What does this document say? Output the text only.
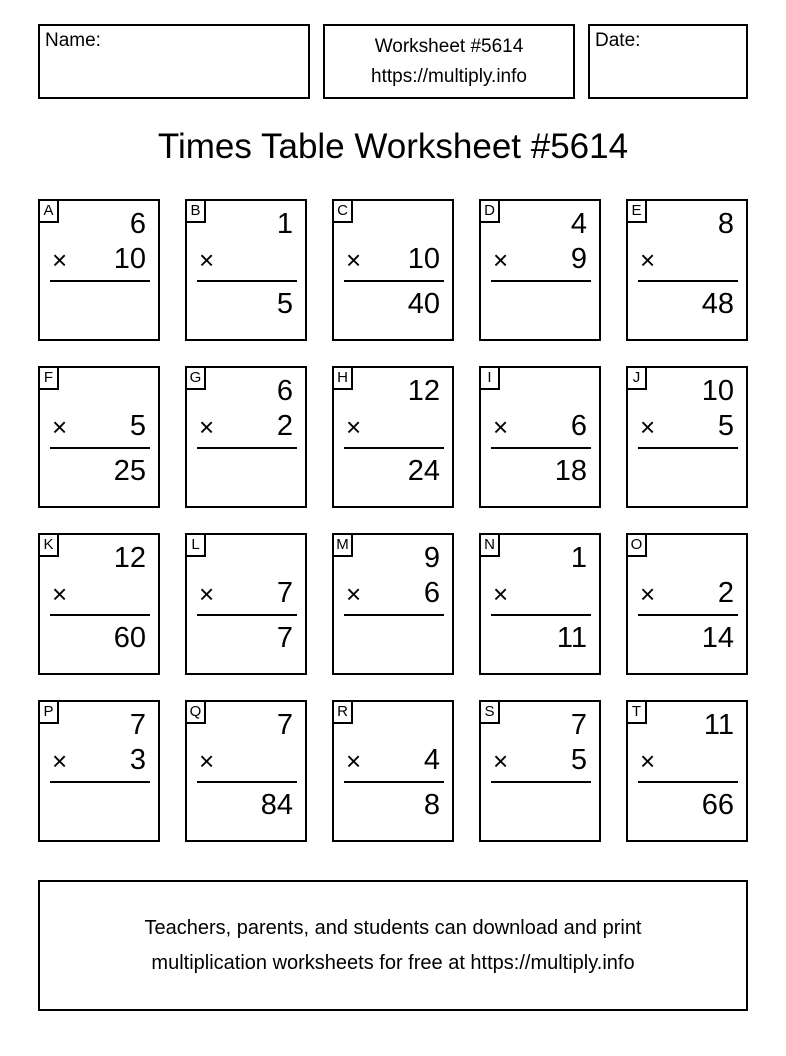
Name:	Worksheet #5614
https://multiply.info
Date:
Times Table Worksheet #5614
A	6
× 10
B	1
×
5
C
× 10
40
D	4
× 9
E	8
×
48
F
× 5
25
G	6
× 2
H 12
×
24
I
× 6
18
J 10
× 5
K 12
×
60
L
× 7
7
M	9
× 6
N	1
×
11
O
× 2
14
P	7
× 3
Q	7
×
84
R
× 4
8
S	7
× 5
T 11
×
66
Teachers, parents, and students can download and print
multiplication worksheets for free at https://multiply.info
